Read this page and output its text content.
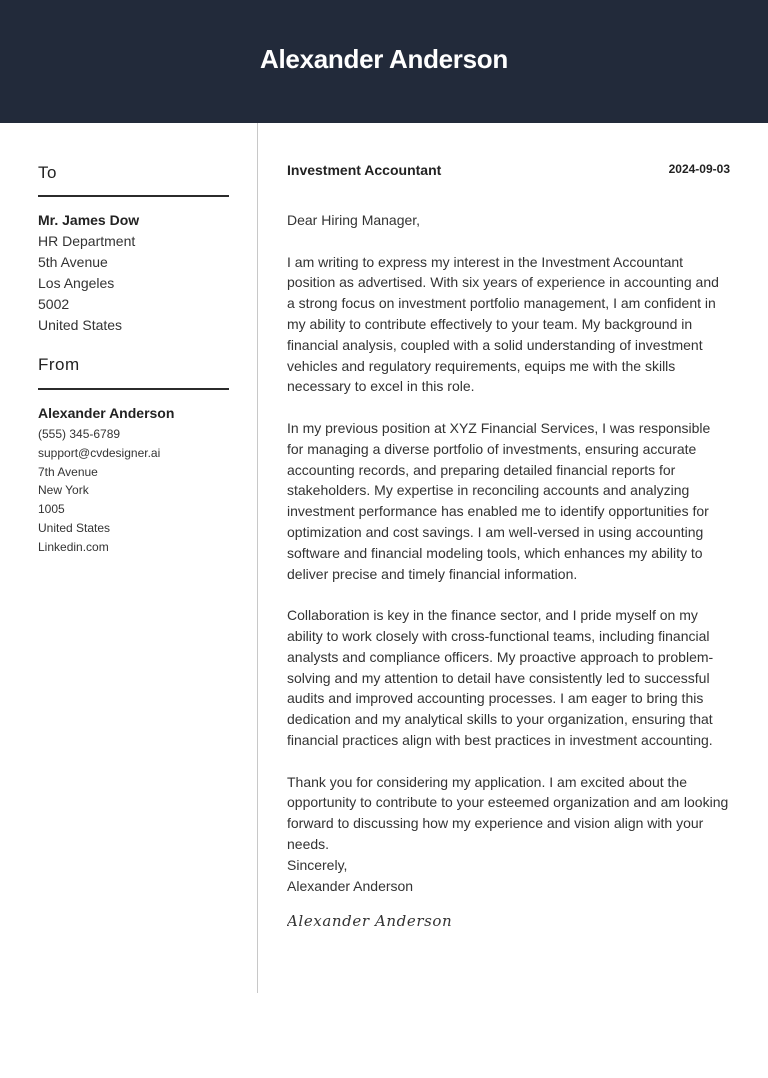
Alexander Anderson
To
Mr. James Dow
HR Department
5th Avenue
Los Angeles
5002
United States
From
Alexander Anderson
(555) 345-6789
support@cvdesigner.ai
7th Avenue
New York
1005
United States
Linkedin.com
Investment Accountant	2024-09-03
Dear Hiring Manager,

I am writing to express my interest in the Investment Accountant position as advertised. With six years of experience in accounting and a strong focus on investment portfolio management, I am confident in my ability to contribute effectively to your team. My background in financial analysis, coupled with a solid understanding of investment vehicles and regulatory requirements, equips me with the skills necessary to excel in this role.

In my previous position at XYZ Financial Services, I was responsible for managing a diverse portfolio of investments, ensuring accurate accounting records, and preparing detailed financial reports for stakeholders. My expertise in reconciling accounts and analyzing investment performance has enabled me to identify opportunities for optimization and cost savings. I am well-versed in using accounting software and financial modeling tools, which enhances my ability to deliver precise and timely financial information.

Collaboration is key in the finance sector, and I pride myself on my ability to work closely with cross-functional teams, including financial analysts and compliance officers. My proactive approach to problem-solving and my attention to detail have consistently led to successful audits and improved accounting processes. I am eager to bring this dedication and my analytical skills to your organization, ensuring that financial practices align with best practices in investment accounting.

Thank you for considering my application. I am excited about the opportunity to contribute to your esteemed organization and am looking forward to discussing how my experience and vision align with your needs.

Sincerely,
Alexander Anderson
Alexander Anderson
